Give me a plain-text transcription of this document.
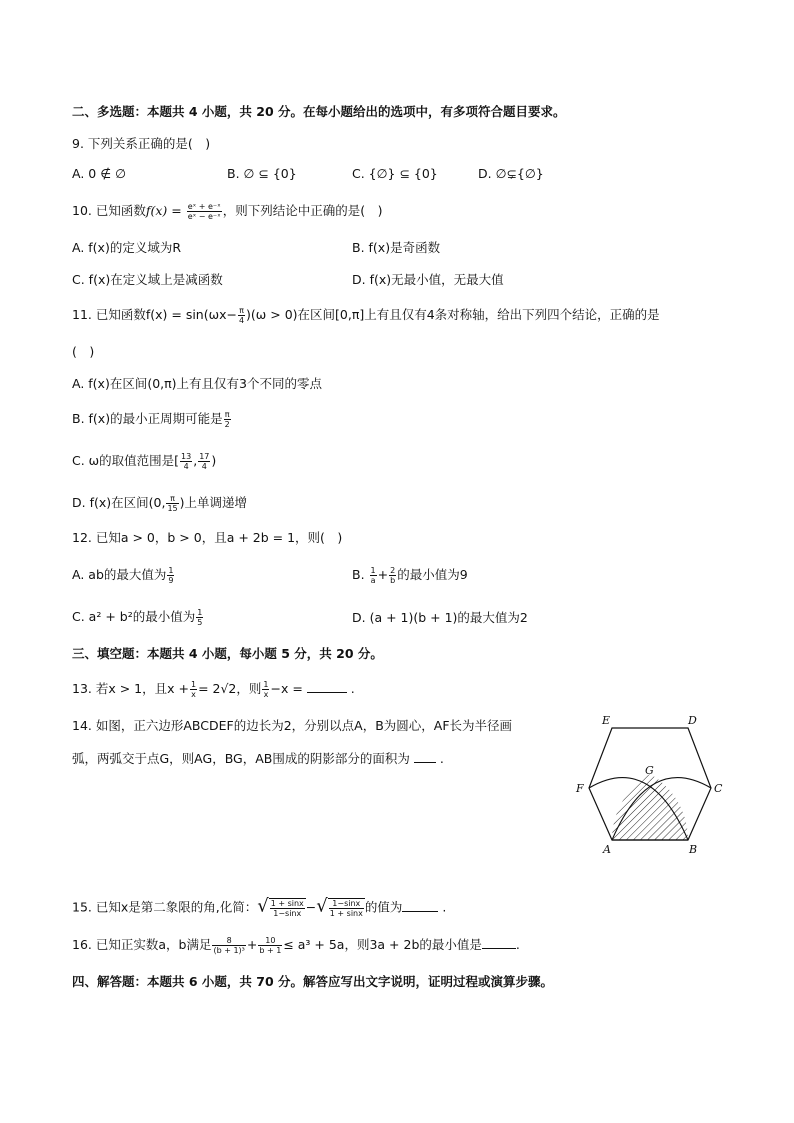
二、多选题：本题共 4 小题，共 20 分。在每小题给出的选项中，有多项符合题目要求。
9. 下列关系正确的是(　)
A. 0 ∉ ∅	B. ∅ ⊆ {0}	C. {∅} ⊆ {0}	D. ∅⊊{∅}
10. 已知函数$f(x) = \frac{\text{eˣ + e⁻ˣ}}{\text{eˣ − e⁻ˣ}}$ ，则下列结论中正确的是(　)
A. f(x)的定义域为R	B. f(x)是奇函数
C. f(x)在定义域上是减函数	D. f(x)无最小值，无最大值
11. 已知函数$f(x) = \sin(\omega x- \frac{\pi}{4} )(\omega > 0)$在区间[0,π]上有且仅有4条对称轴，给出下列四个结论，正确的是
(　)
A. f(x)在区间(0,π)上有且仅有3个不同的零点
B. f(x)的最小正周期可能是 $\frac{\pi}{2}$
C. ω的取值范围是[ $\frac{13}{4}$ , $\frac{17}{4}$ )
D. f(x)在区间(0, $\frac{\pi}{15}$ )上单调递增
12. 已知a > 0，b > 0，且a + 2b = 1，则(　)
A. ab的最大值为 $\frac{1}{9}$	B. $\frac{1}{a} + \frac{2}{b}$ 的最小值为9
C. a² + b²的最小值为 $\frac{1}{5}$	D. (a + 1)(b + 1)的最大值为2
三、填空题：本题共 4 小题，每小题 5 分，共 20 分。
13. 若x > 1，且$x + \frac{1}{x} = 2√2$，则 $\frac{1}{x} -x$ =	.
14. 如图，正六边形ABCDEF的边长为2，分别以点A，B为圆心，AF长为半径画
弧，两弧交于点G，则AG，BG，AB围成的阴影部分的面积为 .
A	B
C
D
E
F
G
15. 已知x是第二象限的角,化简：√ $\frac{1 + \sin x}{1-\sin x}$ −√ $\frac{1-\sin x}{1 + \sin x}$ 的值为	.
16. 已知正实数a，b满足 $\frac{8}{\text{(b + 1)³}} + \frac{10}{b + 1} \le a^3 + 5a$，则3a + 2b的最小值是	.
四、解答题：本题共 6 小题，共 70 分。解答应写出文字说明，证明过程或演算步骤。
